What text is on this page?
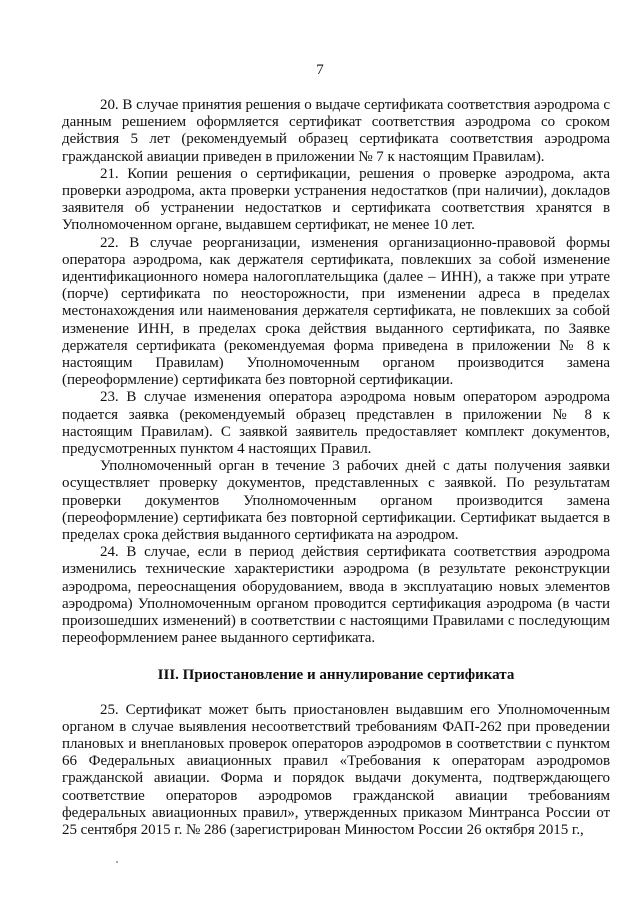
7

20. В случае принятия решения о выдаче сертификата соответствия аэродрома с данным решением оформляется сертификат соответствия аэродрома со сроком действия 5 лет (рекомендуемый образец сертификата соответствия аэродрома гражданской авиации приведен в приложении № 7 к настоящим Правилам).

21. Копии решения о сертификации, решения о проверке аэродрома, акта проверки аэродрома, акта проверки устранения недостатков (при наличии), докладов заявителя об устранении недостатков и сертификата соответствия хранятся в Уполномоченном органе, выдавшем сертификат, не менее 10 лет.

22. В случае реорганизации, изменения организационно-правовой формы оператора аэродрома, как держателя сертификата, повлекших за собой изменение идентификационного номера налогоплательщика (далее – ИНН), а также при утрате (порче) сертификата по неосторожности, при изменении адреса в пределах местонахождения или наименования держателя сертификата, не повлекших за собой изменение ИНН, в пределах срока действия выданного сертификата, по Заявке держателя сертификата (рекомендуемая форма приведена в приложении № 8 к настоящим Правилам) Уполномоченным органом производится замена (переоформление) сертификата без повторной сертификации.

23. В случае изменения оператора аэродрома новым оператором аэродрома подается заявка (рекомендуемый образец представлен в приложении № 8 к настоящим Правилам). С заявкой заявитель предоставляет комплект документов, предусмотренных пунктом 4 настоящих Правил.

Уполномоченный орган в течение 3 рабочих дней с даты получения заявки осуществляет проверку документов, представленных с заявкой. По результатам проверки документов Уполномоченным органом производится замена (переоформление) сертификата без повторной сертификации. Сертификат выдается в пределах срока действия выданного сертификата на аэродром.

24. В случае, если в период действия сертификата соответствия аэродрома изменились технические характеристики аэродрома (в результате реконструкции аэродрома, переоснащения оборудованием, ввода в эксплуатацию новых элементов аэродрома) Уполномоченным органом проводится сертификация аэродрома (в части произошедших изменений) в соответствии с настоящими Правилами с последующим переоформлением ранее выданного сертификата.

III. Приостановление и аннулирование сертификата

25. Сертификат может быть приостановлен выдавшим его Уполномоченным органом в случае выявления несоответствий требованиям ФАП-262 при проведении плановых и внеплановых проверок операторов аэродромов в соответствии с пунктом 66 Федеральных авиационных правил «Требования к операторам аэродромов гражданской авиации. Форма и порядок выдачи документа, подтверждающего соответствие операторов аэродромов гражданской авиации требованиям федеральных авиационных правил», утвержденных приказом Минтранса России от 25 сентября 2015 г. № 286 (зарегистрирован Минюстом России 26 октября 2015 г.,
